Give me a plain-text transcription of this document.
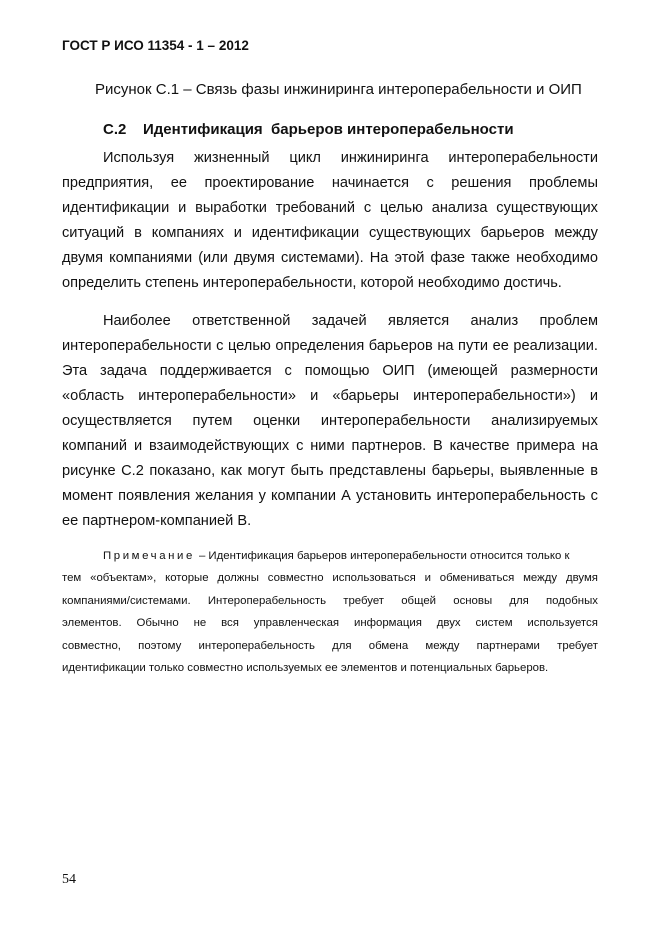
ГОСТ Р ИСО 11354 - 1 – 2012
Рисунок С.1 – Связь фазы инжиниринга интероперабельности и ОИП
С.2 Идентификация  барьеров интероперабельности
Используя жизненный цикл инжиниринга интероперабельности
предприятия, ее проектирование начинается с решения проблемы
идентификации и выработки требований с целью анализа существующих
ситуаций в компаниях и идентификации существующих барьеров между
двумя компаниями (или двумя системами). На этой фазе также необходимо
определить степень интероперабельности, которой необходимо достичь.
Наиболее ответственной задачей является анализ проблем
интероперабельности с целью определения барьеров на пути ее реализации.
Эта задача поддерживается с помощью ОИП (имеющей размерности
«область интероперабельности» и «барьеры интероперабельности») и
осуществляется путем оценки интероперабельности анализируемых
компаний и взаимодействующих с ними партнеров. В качестве примера на
рисунке С.2 показано, как могут быть представлены барьеры, выявленные в
момент появления желания у компании А установить интероперабельность с
ее партнером-компанией В.
Примечание – Идентификация барьеров интероперабельности относится только к
тем «объектам», которые должны совместно использоваться и обмениваться между двумя
компаниями/системами. Интероперабельность требует общей основы для подобных
элементов. Обычно не вся управленческая информация двух систем используется
совместно, поэтому интероперабельность для обмена между партнерами требует
идентификации только совместно используемых ее элементов и потенциальных барьеров.
54
